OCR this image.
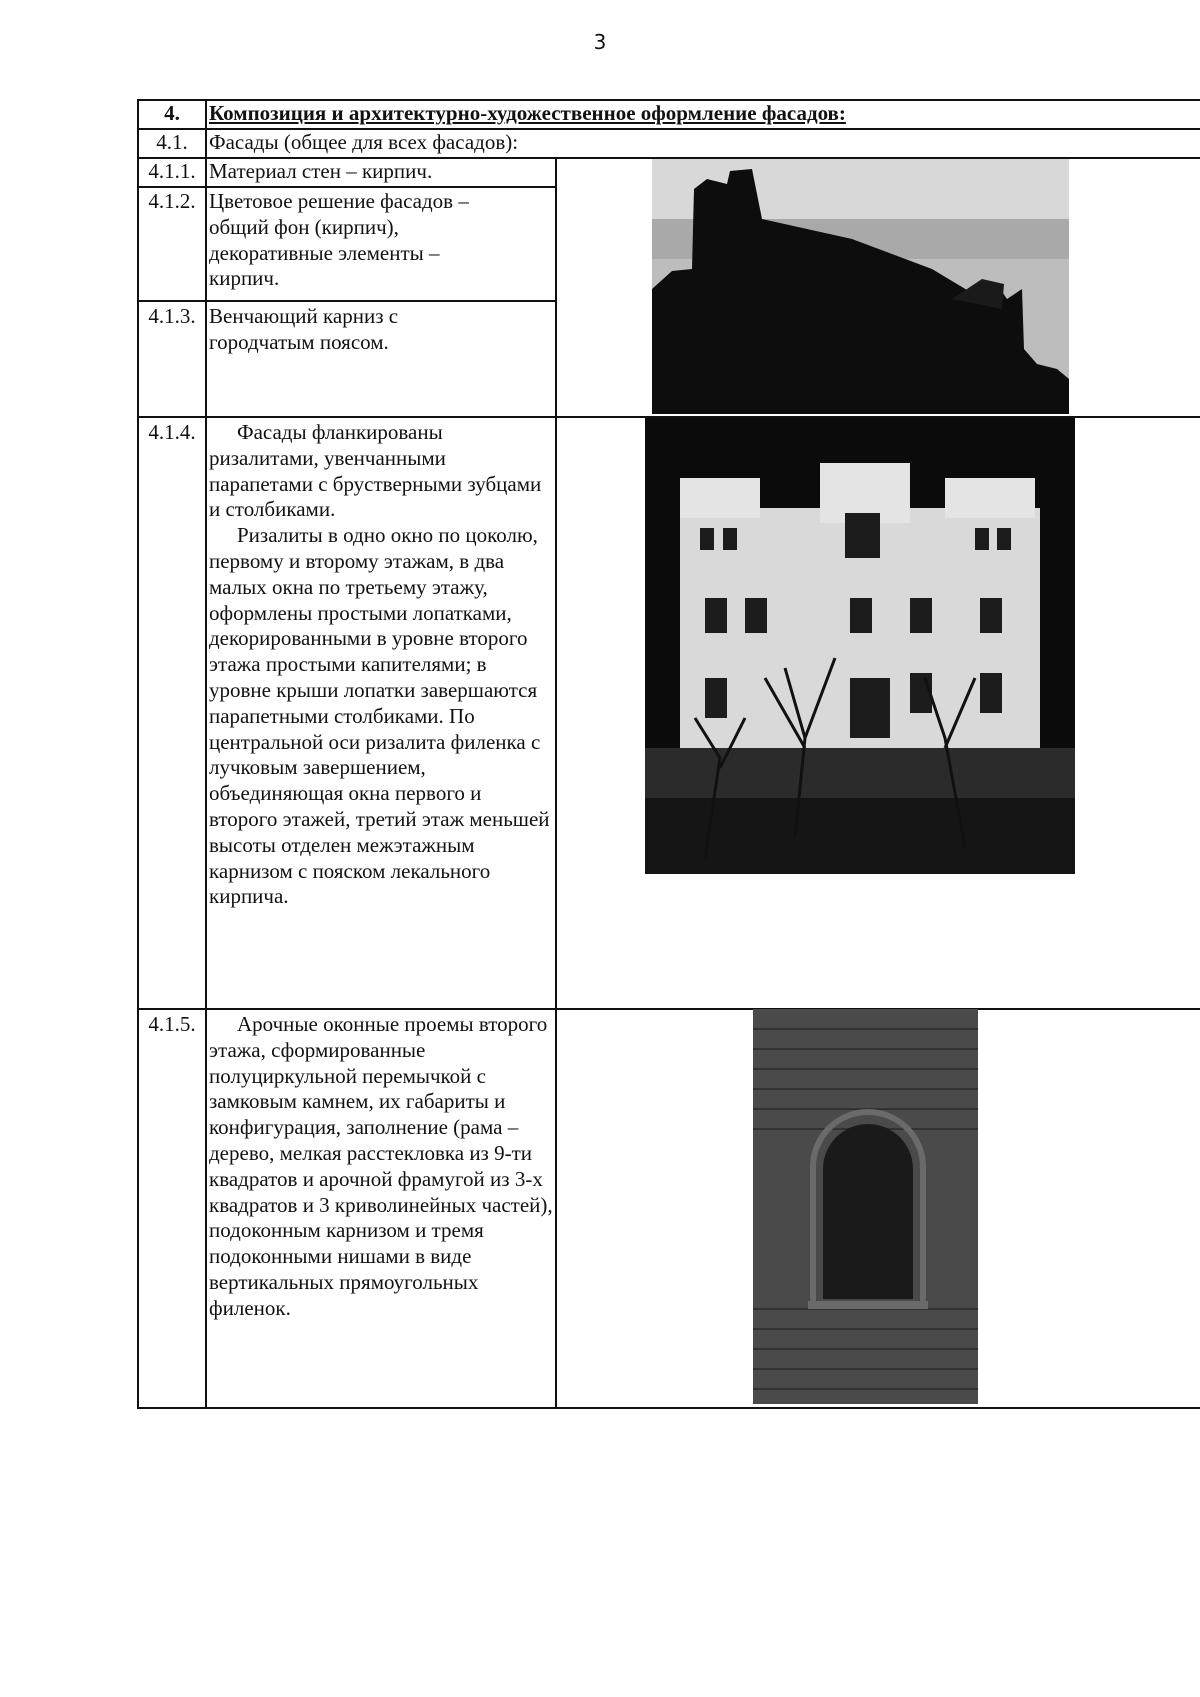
3
4.	Композиция и архитектурно-художественное оформление фасадов:
4.1.	Фасады (общее для всех фасадов):
4.1.1. Материал стен – кирпич.
4.1.2. Цветовое решение фасадов – общий фон (кирпич), декоративные элементы – кирпич.
4.1.3. Венчающий карниз с городчатым поясом.
4.1.4.	Фасады фланкированы ризалитами, увенчанными парапетами с брустверными зубцами и столбиками.

Ризалиты в одно окно по цоколю, первому и второму этажам, в два малых окна по третьему этажу, оформлены простыми лопатками, декорированными в уровне второго этажа простыми капителями; в уровне крыши лопатки завершаются парапетными столбиками. По центральной оси ризалита филенка с лучковым завершением, объединяющая окна первого и второго этажей, третий этаж меньшей высоты отделен межэтажным карнизом с пояском лекального кирпича.

4.1.5.	Арочные оконные проемы второго этажа, сформированные полуциркульной перемычкой с замковым камнем, их габариты и конфигурация, заполнение (рама – дерево, мелкая расстекловка из 9-ти квадратов и арочной фрамугой из 3-х квадратов и 3 криволинейных частей), подоконным карнизом и тремя подоконными нишами в виде вертикальных прямоугольных филенок.
